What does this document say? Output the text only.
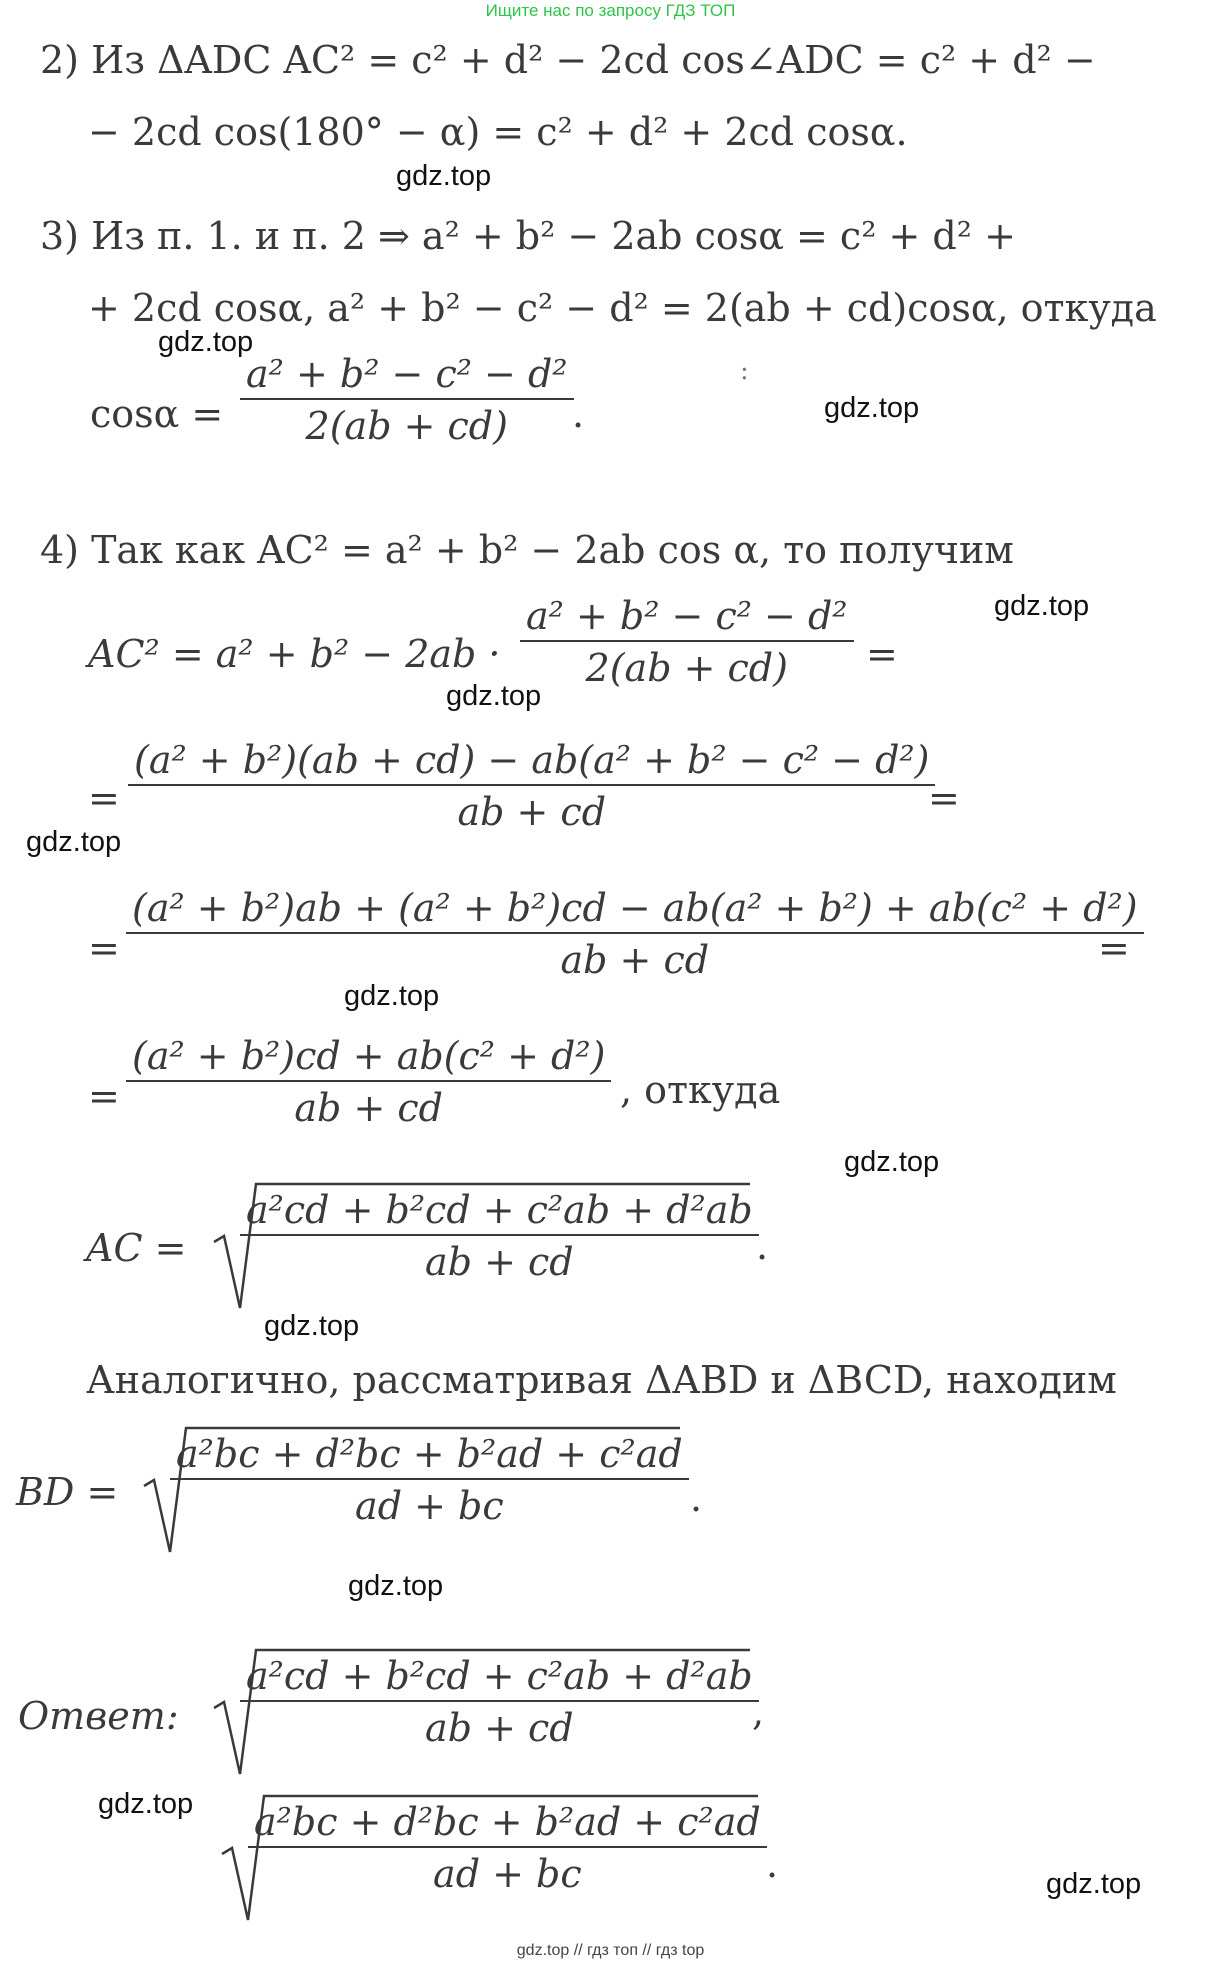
Ищите нас по запросу ГДЗ ТОП
2) Из ΔADC AC² = c² + d² − 2cd cos∠ADC = c² + d² −
− 2cd cos(180° − α) = c² + d² + 2cd cosα.
3) Из п. 1. и п. 2 ⇒ a² + b² − 2ab cosα = c² + d² +
+ 2cd cosα, a² + b² − c² − d² = 2(ab + cd)cosα, откуда
$\cos\alpha = \frac{\text{a² + b² − c² − d²}}{2(ab + cd)}$
.
:
4) Так как AC² = a² + b² − 2ab cos α, то получим
$AC^2 = a^2 + b^2 - 2ab \cdot \frac{\text{a² + b² − c² − d²}}{2(ab + cd)}$ =
= $\frac{\text{(a² + b²)(ab + cd) − ab(a² + b² − c² − d²)}}{ab + cd}$
=
= $\frac{\text{(a² + b²)ab + (a² + b²)cd − ab(a² + b²) + ab(c² + d²)}}{ab + cd}$
=
= $\frac{\text{(a² + b²)cd + ab(c² + d²)}}{ab + cd}$ , откуда
AC = $\frac{\text{a²cd + b²cd + c²ab + d²ab}}{ab + cd}$
.
Аналогично, рассматривая ΔABD и ΔBCD, находим
BD = $\frac{\text{a²bc + d²bc + b²ad + c²ad}}{ad + bc}$ .
Ответ: $\frac{\text{a²cd + b²cd + c²ab + d²ab}}{ab + cd}$
,
$\frac{\text{a²bc + d²bc + b²ad + c²ad}}{ad + bc}$ .
gdz.top
gdz.top
gdz.top
gdz.top
gdz.top
gdz.top
gdz.top
gdz.top
gdz.top
gdz.top
gdz.top
gdz.top
gdz.top // гдз топ // гдз top
